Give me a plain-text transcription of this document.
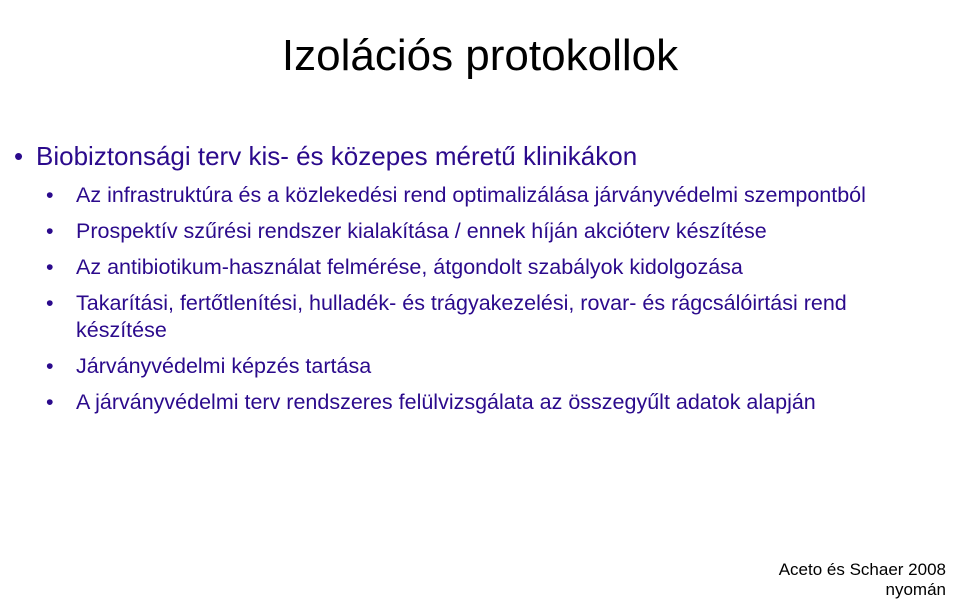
Izolációs protokollok
• Biobiztonsági terv kis- és közepes méretű klinikákon
• Az infrastruktúra és a közlekedési rend optimalizálása járványvédelmi szempontból
• Prospektív szűrési rendszer kialakítása / ennek híján akcióterv készítése
• Az antibiotikum-használat felmérése, átgondolt szabályok kidolgozása
• Takarítási, fertőtlenítési, hulladék- és trágyakezelési, rovar- és rágcsálóirtási rend készítése
• Járványvédelmi képzés tartása
• A járványvédelmi terv rendszeres felülvizsgálata az összegyűlt adatok alapján
Aceto és Schaer 2008
nyomán
